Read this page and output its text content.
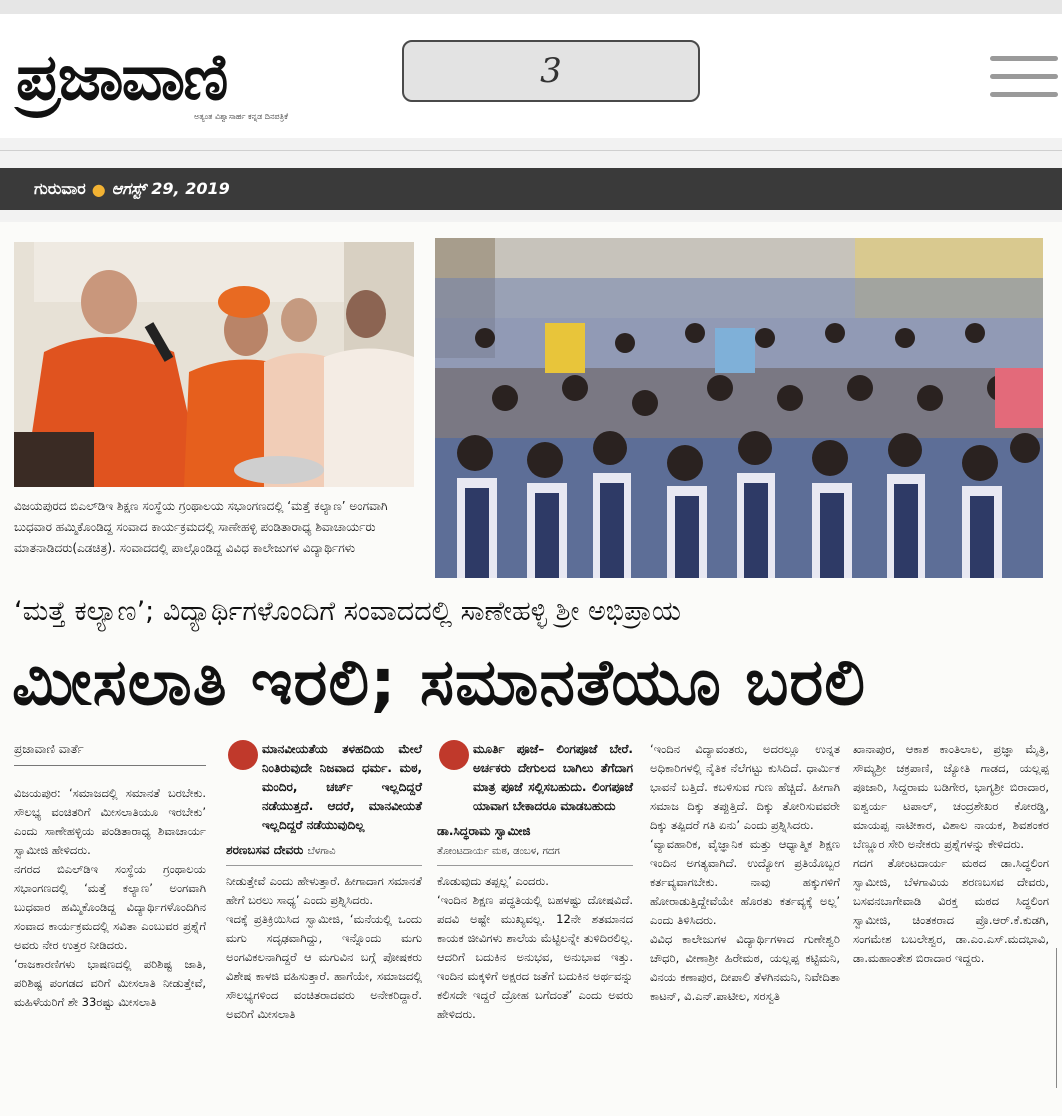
ಪ್ರಜಾವಾಣಿ
ಅತ್ಯಂತ ವಿಶ್ವಾಸಾರ್ಹ ಕನ್ನಡ ದಿನಪತ್ರಿಕೆ
3
ಗುರುವಾರ ● ಆಗಸ್ಟ್ 29, 2019
ವಿಜಯಪುರದ ಬಿಎಲ್‌ಡಿಇ ಶಿಕ್ಷಣ ಸಂಸ್ಥೆಯ ಗ್ರಂಥಾಲಯ ಸಭಾಂಗಣದಲ್ಲಿ ‘ಮತ್ತೆ ಕಲ್ಯಾಣ’ ಅಂಗವಾಗಿ ಬುಧವಾರ ಹಮ್ಮಿಕೊಂಡಿದ್ದ ಸಂವಾದ ಕಾರ್ಯಕ್ರಮದಲ್ಲಿ ಸಾಣೇಹಳ್ಳಿ ಪಂಡಿತಾರಾಧ್ಯ ಶಿವಾಚಾರ್ಯರು ಮಾತನಾಡಿದರು(ಎಡಚಿತ್ರ). ಸಂವಾದದಲ್ಲಿ ಪಾಲ್ಗೊಂಡಿದ್ದ ವಿವಿಧ ಕಾಲೇಜುಗಳ ವಿದ್ಯಾರ್ಥಿಗಳು
‘ಮತ್ತೆ ಕಲ್ಯಾಣ’; ವಿದ್ಯಾರ್ಥಿಗಳೊಂದಿಗೆ ಸಂವಾದದಲ್ಲಿ ಸಾಣೇಹಳ್ಳಿ ಶ್ರೀ ಅಭಿಪ್ರಾಯ
ಮೀಸಲಾತಿ ಇರಲಿ; ಸಮಾನತೆಯೂ ಬರಲಿ

ಪ್ರಜಾವಾಣಿ ವಾರ್ತೆ

ವಿಜಯಪುರ: ‘ಸಮಾಜದಲ್ಲಿ ಸಮಾನತೆ ಬರಬೇಕು. ಸೌಲಭ್ಯ ವಂಚಿತರಿಗೆ ಮೀಸಲಾತಿಯೂ ಇರಬೇಕು’ ಎಂದು ಸಾಣೇಹಳ್ಳಿಯ ಪಂಡಿತಾರಾಧ್ಯ ಶಿವಾಚಾರ್ಯ ಸ್ವಾಮೀಜಿ ಹೇಳಿದರು.

ನಗರದ ಬಿಎಲ್‌ಡಿಇ ಸಂಸ್ಥೆಯ ಗ್ರಂಥಾಲಯ ಸಭಾಂಗಣದಲ್ಲಿ ‘ಮತ್ತೆ ಕಲ್ಯಾಣ’ ಅಂಗವಾಗಿ ಬುಧವಾರ ಹಮ್ಮಿಕೊಂಡಿದ್ದ ವಿದ್ಯಾರ್ಥಿಗಳೊಂದಿಗಿನ ಸಂವಾದ ಕಾರ್ಯಕ್ರಮದಲ್ಲಿ ಸವಿತಾ ಎಂಬುವರ ಪ್ರಶ್ನೆಗೆ ಅವರು ನೇರ ಉತ್ತರ ನೀಡಿದರು.

‘ರಾಜಕಾರಣಿಗಳು ಭಾಷಣದಲ್ಲಿ ಪರಿಶಿಷ್ಟ ಜಾತಿ, ಪರಿಶಿಷ್ಟ ಪಂಗಡದ ವರಿಗೆ ಮೀಸಲಾತಿ ನೀಡುತ್ತೇವೆ, ಮಹಿಳೆಯರಿಗೆ ಶೇ 33ರಷ್ಟು ಮೀಸಲಾತಿ

ಮಾನವೀಯತೆಯ ತಳಹದಿಯ ಮೇಲೆ ನಿಂತಿರುವುದೇ ನಿಜವಾದ ಧರ್ಮ. ಮಠ, ಮಂದಿರ, ಚರ್ಚ್ ಇಲ್ಲದಿದ್ದರೆ ನಡೆಯುತ್ತದೆ. ಆದರೆ, ಮಾನವೀಯತೆ ಇಲ್ಲದಿದ್ದರೆ ನಡೆಯುವುದಿಲ್ಲ

ಶರಣಬಸವ ದೇವರು ಬೆಳಗಾವಿ

ನೀಡುತ್ತೇವೆ ಎಂದು ಹೇಳುತ್ತಾರೆ. ಹೀಗಾದಾಗ ಸಮಾನತೆ ಹೇಗೆ ಬರಲು ಸಾಧ್ಯ’ ಎಂದು ಪ್ರಶ್ನಿಸಿದರು.

ಇದಕ್ಕೆ ಪ್ರತಿಕ್ರಿಯಿಸಿದ ಸ್ವಾಮೀಜಿ, ‘ಮನೆಯಲ್ಲಿ ಒಂದು ಮಗು ಸದೃಢವಾಗಿದ್ದು, ಇನ್ನೊಂದು ಮಗು ಅಂಗವಿಕಲನಾಗಿದ್ದರೆ ಆ ಮಗುವಿನ ಬಗ್ಗೆ ಪೋಷಕರು ವಿಶೇಷ ಕಾಳಜಿ ವಹಿಸುತ್ತಾರೆ. ಹಾಗೆಯೇ, ಸಮಾಜದಲ್ಲಿ ಸೌಲಭ್ಯಗಳಿಂದ ವಂಚಿತರಾದವರು ಅನೇಕರಿದ್ದಾರೆ. ಅವರಿಗೆ ಮೀಸಲಾತಿ

ಮೂರ್ತಿ ಪೂಜೆ– ಲಿಂಗಪೂಜೆ ಬೇರೆ. ಅರ್ಚಕರು ದೇಗುಲದ ಬಾಗಿಲು ತೆಗೆದಾಗ ಮಾತ್ರ ಪೂಜೆ ಸಲ್ಲಿಸಬಹುದು. ಲಿಂಗಪೂಜೆ ಯಾವಾಗ ಬೇಕಾದರೂ ಮಾಡಬಹುದು

ಡಾ.ಸಿದ್ಧರಾಮ ಸ್ವಾಮೀಜಿ
ತೋಂಟದಾರ್ಯ ಮಠ, ಡಂಬಳ, ಗದಗ

ಕೊಡುವುದು ತಪ್ಪಲ್ಲ’ ಎಂದರು.

‘ಇಂದಿನ ಶಿಕ್ಷಣ ಪದ್ಧತಿಯಲ್ಲಿ ಬಹಳಷ್ಟು ದೋಷವಿದೆ. ಪದವಿ ಅಷ್ಟೇ ಮುಖ್ಯವಲ್ಲ. 12ನೇ ಶತಮಾನದ ಕಾಯಕ ಜೀವಿಗಳು ಶಾಲೆಯ ಮೆಟ್ಟಿಲನ್ನೇ ತುಳಿದಿರಲಿಲ್ಲ. ಆದರಿಗೆ ಬದುಕಿನ ಅನುಭವ, ಅನುಭಾವ ಇತ್ತು. ಇಂದಿನ ಮಕ್ಕಳಿಗೆ ಅಕ್ಷರದ ಜತೆಗೆ ಬದುಕಿನ ಅರ್ಥವನ್ನು ಕಲಿಸದೇ ಇದ್ದರೆ ದ್ರೋಹ ಬಗೆದಂತೆ’ ಎಂದು ಅವರು ಹೇಳಿದರು.

‘ಇಂದಿನ ವಿದ್ಯಾವಂತರು, ಅದರಲ್ಲೂ ಉನ್ನತ ಅಧಿಕಾರಿಗಳಲ್ಲಿ ನೈತಿಕ ನೆಲೆಗಟ್ಟು ಕುಸಿದಿದೆ. ಧಾರ್ಮಿಕ ಭಾವನೆ ಬತ್ತಿದೆ. ಕಬಳಿಸುವ ಗುಣ ಹೆಚ್ಚಿದೆ. ಹೀಗಾಗಿ ಸಮಾಜ ದಿಕ್ಕು ತಪ್ಪುತ್ತಿದೆ. ದಿಕ್ಕು ತೋರಿಸುವವರೇ ದಿಕ್ಕು ತಪ್ಪಿದರೆ ಗತಿ ಏನು’ ಎಂದು ಪ್ರಶ್ನಿಸಿದರು.

‘ವ್ಯಾವಹಾರಿಕ, ವೈಜ್ಞಾನಿಕ ಮತ್ತು ಆಧ್ಯಾತ್ಮಿಕ ಶಿಕ್ಷಣ ಇಂದಿನ ಅಗತ್ಯವಾಗಿದೆ. ಉದ್ಯೋಗ ಪ್ರತಿಯೊಬ್ಬರ ಕರ್ತವ್ಯವಾಗಬೇಕು. ನಾವು ಹಕ್ಕುಗಳಿಗೆ ಹೋರಾಡುತ್ತಿದ್ದೇವೆಯೇ ಹೊರತು ಕರ್ತವ್ಯಕ್ಕೆ ಅಲ್ಲ’ ಎಂದು ತಿಳಿಸಿದರು.

ವಿವಿಧ ಕಾಲೇಜುಗಳ ವಿದ್ಯಾರ್ಥಿಗಳಾದ ಗುಣೇಶ್ವರಿ ಚೌಧರಿ, ವೀಣಾಶ್ರೀ ಹಿರೇಮಠ, ಯಲ್ಲಪ್ಪ ಕಟ್ಟಿಮನಿ, ವಿನಯ ಕಣಾಪುರ, ದೀಪಾಲಿ ತೆಳಗಿನಮನಿ, ನಿವೇದಿತಾ ಕಾಟನ್, ವಿ.ಎನ್.ಪಾಟೀಲ, ಸರಸ್ವತಿ

ಖಾನಾಪುರ, ಆಕಾಶ ಕಾಂತಿಲಾಲ, ಪ್ರಜ್ಞಾ ಮೈತ್ರಿ, ಸೌಮ್ಯಶ್ರೀ ಚಕ್ರಪಾಣಿ, ಜ್ಯೋತಿ ಗಾಡದ, ಯಲ್ಲಪ್ಪ ಪೂಜಾರಿ, ಸಿದ್ದರಾಮ ಬಡಿಗೇರ, ಭಾಗ್ಯಶ್ರೀ ಬಿರಾದಾರ, ಐಶ್ವರ್ಯ ಟಪಾಲ್, ಚಂದ್ರಶೇಖರ ಕೋರಡ್ಡಿ, ಮಾಯಪ್ಪ ನಾಟೀಕಾರ, ವಿಶಾಲ ನಾಯಕ, ಶಿವಶಂಕರ ಬೆಣ್ಣೂರ ಸೇರಿ ಅನೇಕರು ಪ್ರಶ್ನೆಗಳನ್ನು ಕೇಳಿದರು.

ಗದಗ ತೋಂಟದಾರ್ಯ ಮಠದ ಡಾ.ಸಿದ್ಧಲಿಂಗ ಸ್ವಾಮೀಜಿ, ಬೆಳಗಾವಿಯ ಶರಣಬಸವ ದೇವರು, ಬಸವನಬಾಗೇವಾಡಿ ವಿರಕ್ತ ಮಠದ ಸಿದ್ಧಲಿಂಗ ಸ್ವಾಮೀಜಿ, ಚಿಂತಕರಾದ ಪ್ರೊ.ಆರ್.ಕೆ.ಕುಡಗಿ, ಸಂಗಮೇಶ ಬಬಲೇಶ್ವರ, ಡಾ.ಎಂ.ಎಸ್.ಮದಭಾವಿ, ಡಾ.ಮಹಾಂತೇಶ ಬಿರಾದಾರ ಇದ್ದರು.
